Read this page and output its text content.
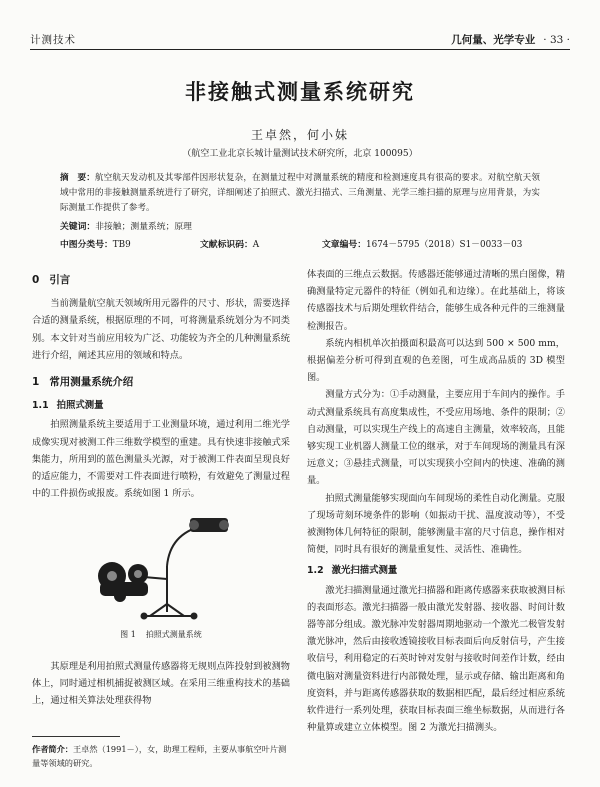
计测技术	几何量、光学专业 · 33 ·
非接触式测量系统研究
王卓然，何小妹
（航空工业北京长城计量测试技术研究所，北京 100095）
摘　要：航空航天发动机及其零部件因形状复杂，在测量过程中对测量系统的精度和检测速度具有很高的要求。对航空航天领域中常用的非接触测量系统进行了研究，详细阐述了拍照式、激光扫描式、三角测量、光学三维扫描的原理与应用背景，为实际测量工作提供了参考。
关键词：非接触；测量系统；原理
中图分类号：TB9	文献标识码：A	文章编号：1674－5795（2018）S1－0033－03
0 引言

当前测量航空航天领域所用元器件的尺寸、形状，需要选择合适的测量系统，根据原理的不同，可将测量系统划分为不同类别。本文针对当前应用较为广泛、功能较为齐全的几种测量系统进行介绍，阐述其应用的领域和特点。

1 常用测量系统介绍
1.1 拍照式测量

拍照测量系统主要适用于工业测量环境，通过利用二维光学成像实现对被测工件三维数学模型的重建。具有快速非接触式采集能力，所用到的蓝色测量头光源，对于被测工件表面呈现良好的适应能力，不需要对工件表面进行喷粉，有效避免了测量过程中的工件损伤或报废。系统如图 1 所示。

图 1 拍照式测量系统

其原理是利用拍照式测量传感器将无规则点阵投射到被测物体上，同时通过相机捕捉被测区域。在采用三维重构技术的基础上，通过相关算法处理获得物

体表面的三维点云数据。传感器还能够通过清晰的黑白图像，精确测量特定元器件的特征（例如孔和边缘）。在此基础上，将该传感器技术与后期处理软件结合，能够生成各种元件的三维测量检测报告。

系统内相机单次拍摄面积最高可以达到 500 × 500 mm，根据偏差分析可得到直观的色差图，可生成高品质的 3D 模型图。

测量方式分为：①手动测量，主要应用于车间内的操作。手动式测量系统具有高度集成性，不受应用场地、条件的限制；②自动测量，可以实现生产线上的高速自主测量，效率较高，且能够实现工业机器人测量工位的继承，对于车间现场的测量具有深远意义；③悬挂式测量，可以实现狭小空间内的快速、准确的测量。

拍照式测量能够实现面向车间现场的柔性自动化测量。克服了现场苛刻环境条件的影响（如振动干扰、温度波动等），不受被测物体几何特征的限制，能够测量丰富的尺寸信息，操作相对简便，同时具有很好的测量重复性、灵活性、准确性。

1.2 激光扫描式测量

激光扫描测量通过激光扫描器和距离传感器来获取被测目标的表面形态。激光扫描器一般由激光发射器、接收器、时间计数器等部分组成。激光脉冲发射器周期地驱动一个激光二极管发射激光脉冲，然后由接收透镜接收目标表面后向反射信号，产生接收信号，利用稳定的石英时钟对发射与接收时间差作计数，经由微电脑对测量资料进行内部微处理，显示或存储、输出距离和角度资料，并与距离传感器获取的数据相匹配，最后经过相应系统软件进行一系列处理，获取目标表面三维坐标数据，从而进行各种量算或建立立体模型。图 2 为激光扫描测头。

作者简介：王卓然（1991－），女，助理工程师，主要从事航空叶片测量等领域的研究。
